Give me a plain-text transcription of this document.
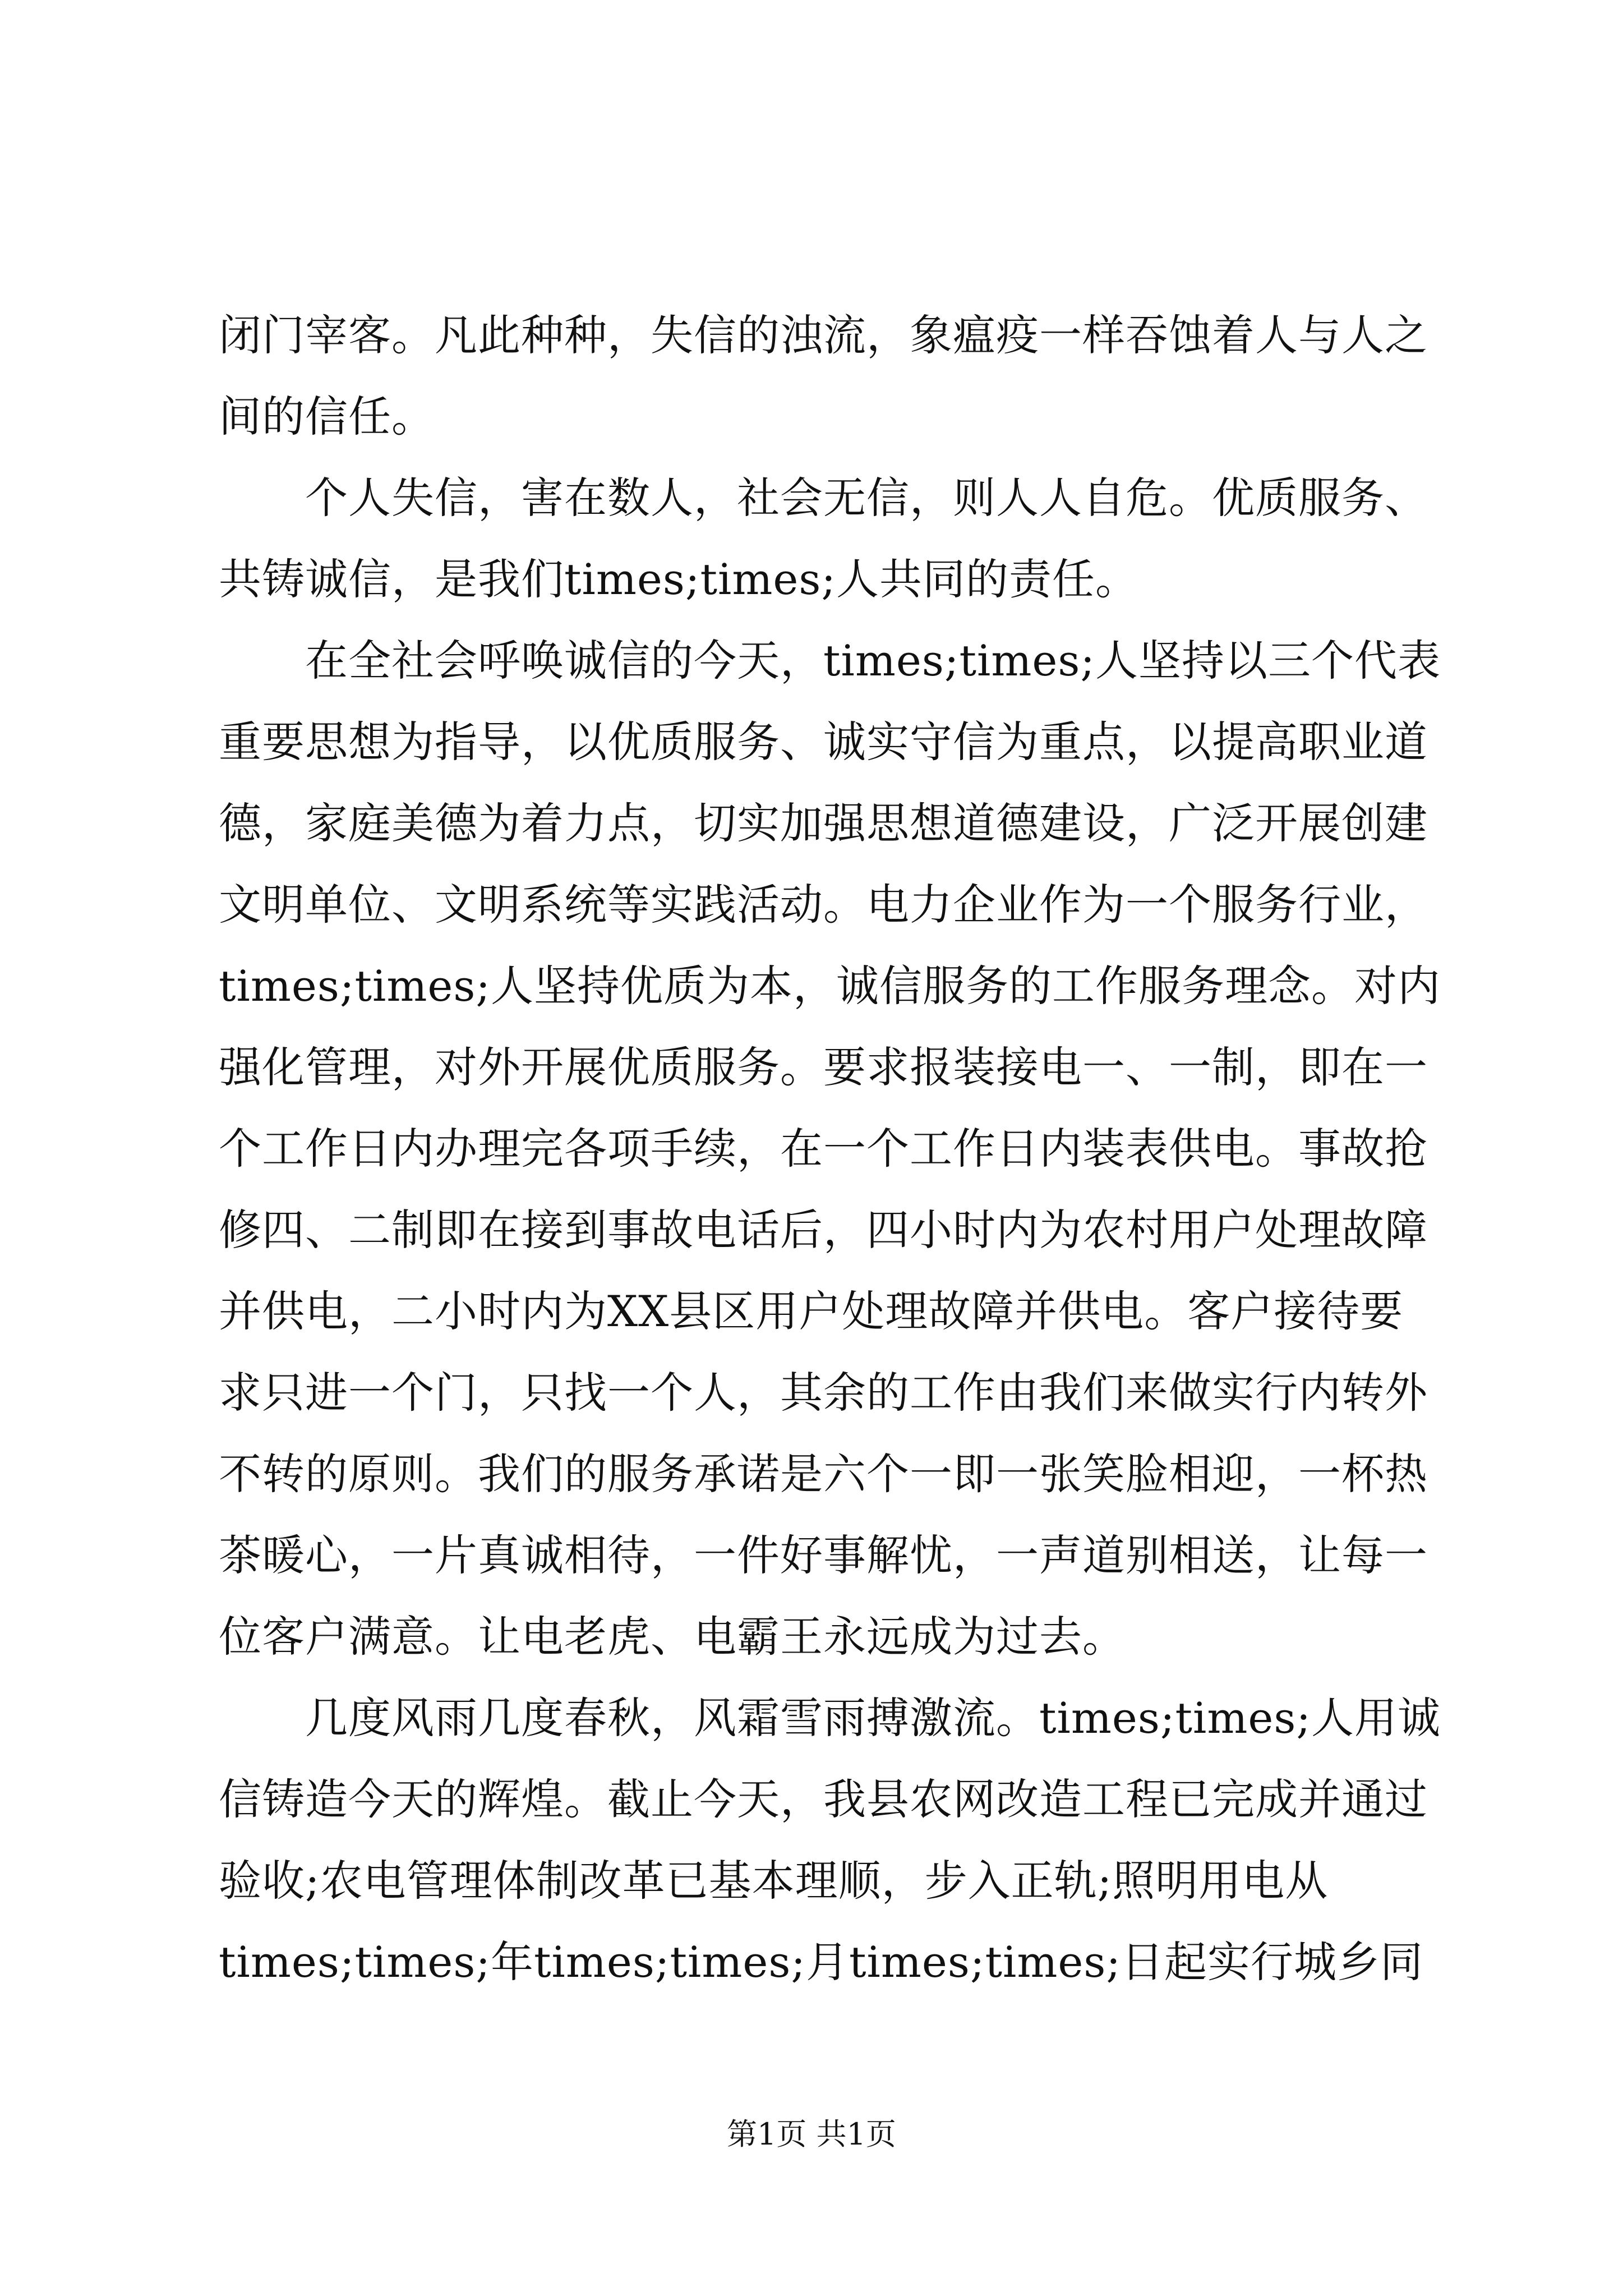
闭门宰客。凡此种种，失信的浊流，象瘟疫一样吞蚀着人与人之
间的信任。
　　个人失信，害在数人，社会无信，则人人自危。优质服务、
共铸诚信，是我们times;times;人共同的责任。
　　在全社会呼唤诚信的今天，times;times;人坚持以三个代表
重要思想为指导，以优质服务、诚实守信为重点，以提高职业道
德，家庭美德为着力点，切实加强思想道德建设，广泛开展创建
文明单位、文明系统等实践活动。电力企业作为一个服务行业，
times;times;人坚持优质为本，诚信服务的工作服务理念。对内
强化管理，对外开展优质服务。要求报装接电一、一制，即在一
个工作日内办理完各项手续，在一个工作日内装表供电。事故抢
修四、二制即在接到事故电话后，四小时内为农村用户处理故障
并供电，二小时内为XX县区用户处理故障并供电。客户接待要
求只进一个门，只找一个人，其余的工作由我们来做实行内转外
不转的原则。我们的服务承诺是六个一即一张笑脸相迎，一杯热
茶暖心，一片真诚相待，一件好事解忧，一声道别相送，让每一
位客户满意。让电老虎、电霸王永远成为过去。
　　几度风雨几度春秋，风霜雪雨搏激流。times;times;人用诚
信铸造今天的辉煌。截止今天，我县农网改造工程已完成并通过
验收;农电管理体制改革已基本理顺，步入正轨;照明用电从
times;times;年times;times;月times;times;日起实行城乡同
第1页 共1页
